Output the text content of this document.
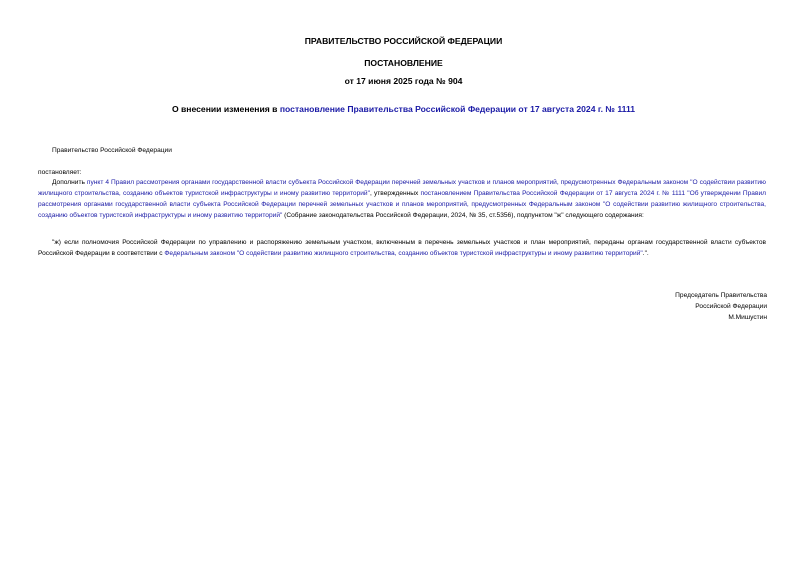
ПРАВИТЕЛЬСТВО РОССИЙСКОЙ ФЕДЕРАЦИИ
ПОСТАНОВЛЕНИЕ
от 17 июня 2025 года № 904
О внесении изменения в постановление Правительства Российской Федерации от 17 августа 2024 г. № 1111
Правительство Российской Федерации
постановляет:

Дополнить пункт 4 Правил рассмотрения органами государственной власти субъекта Российской Федерации перечней земельных участков и планов мероприятий, предусмотренных Федеральным законом "О содействии развитию жилищного строительства, созданию объектов туристской инфраструктуры и иному развитию территорий", утвержденных постановлением Правительства Российской Федерации от 17 августа 2024 г. № 1111 "Об утверждении Правил рассмотрения органами государственной власти субъекта Российской Федерации перечней земельных участков и планов мероприятий, предусмотренных Федеральным законом "О содействии развитию жилищного строительства, созданию объектов туристской инфраструктуры и иному развитию территорий" (Собрание законодательства Российской Федерации, 2024, № 35, ст.5356), подпунктом "ж" следующего содержания:

"ж) если полномочия Российской Федерации по управлению и распоряжению земельным участком, включенным в перечень земельных участков и план мероприятий, переданы органам государственной власти субъектов Российской Федерации в соответствии с Федеральным законом "О содействии развитию жилищного строительства, созданию объектов туристской инфраструктуры и иному развитию территорий".".

Председатель Правительства
Российской Федерации
М.Мишустин
